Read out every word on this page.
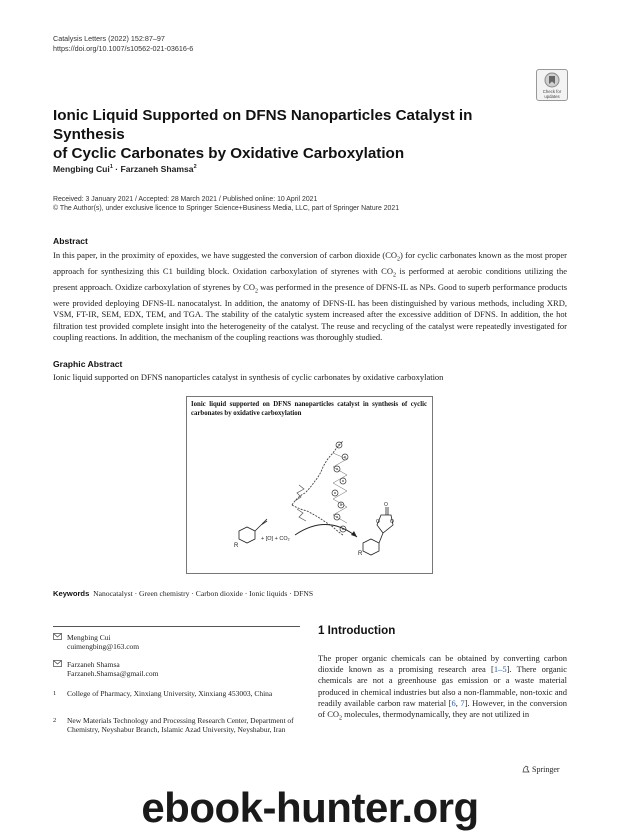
Catalysis Letters (2022) 152:87–97
https://doi.org/10.1007/s10562-021-03616-6
Check for
updates
Ionic Liquid Supported on DFNS Nanoparticles Catalyst in Synthesis
of Cyclic Carbonates by Oxidative Carboxylation
Mengbing Cui$^1$ · Farzaneh Shamsa$^2$
Received: 3 January 2021 / Accepted: 28 March 2021 / Published online: 10 April 2021
© The Author(s), under exclusive licence to Springer Science+Business Media, LLC, part of Springer Nature 2021
Abstract
In this paper, in the proximity of epoxides, we have suggested the conversion of carbon dioxide $(CO_2)$ for cyclic carbonates known as the most proper approach for synthesizing this C1 building block. Oxidation carboxylation of styrenes with $CO_2$ is performed at aerobic conditions utilizing the present approach. Oxidize carboxylation of styrenes by $CO_2$ was performed in the presence of DFNS-IL as NPs. Good to superb performance products were provided deploying DFNS-IL nanocatalyst. In addition, the anatomy of DFNS-IL has been distinguished by various methods, including XRD, VSM, FT-IR, SEM, EDX, TEM, and TGA. The stability of the catalytic system increased after the excessive addition of DFNS. In addition, the hot filtration test provided complete insight into the heterogeneity of the catalyst. The reuse and recycling of the catalyst were repeatedly investigated for coupling reactions. In addition, the mechanism of the coupling reactions was thoroughly studied.
Graphic Abstract
Ionic liquid supported on DFNS nanoparticles catalyst in synthesis of cyclic carbonates by oxidative carboxylation
Ionic liquid supported on DFNS nanoparticles catalyst in synthesis of cyclic carbonates by oxidative carboxylation
R
+ [O] + CO₂
O O
O
R
Keywords Nanocatalyst · Green chemistry · Carbon dioxide · Ionic liquids · DFNS
Mengbing Cui
cuimengbing@163.com
Farzaneh Shamsa
Farzaneh.Shamsa@gmail.com
1 College of Pharmacy, Xinxiang University, Xinxiang 453003, China
2 New Materials Technology and Processing Research Center, Department of Chemistry, Neyshabur Branch, Islamic Azad University, Neyshabur, Iran
1 Introduction
The proper organic chemicals can be obtained by converting carbon dioxide known as a promising research area [1–5]. There organic chemicals are not a greenhouse gas emission or a waste material produced in chemical industries but also a non-flammable, non-toxic and readily available carbon raw material [6, 7]. However, in the conversion of $CO_2$ molecules, thermodynamically, they are not utilized in
Springer
ebook-hunter.org
